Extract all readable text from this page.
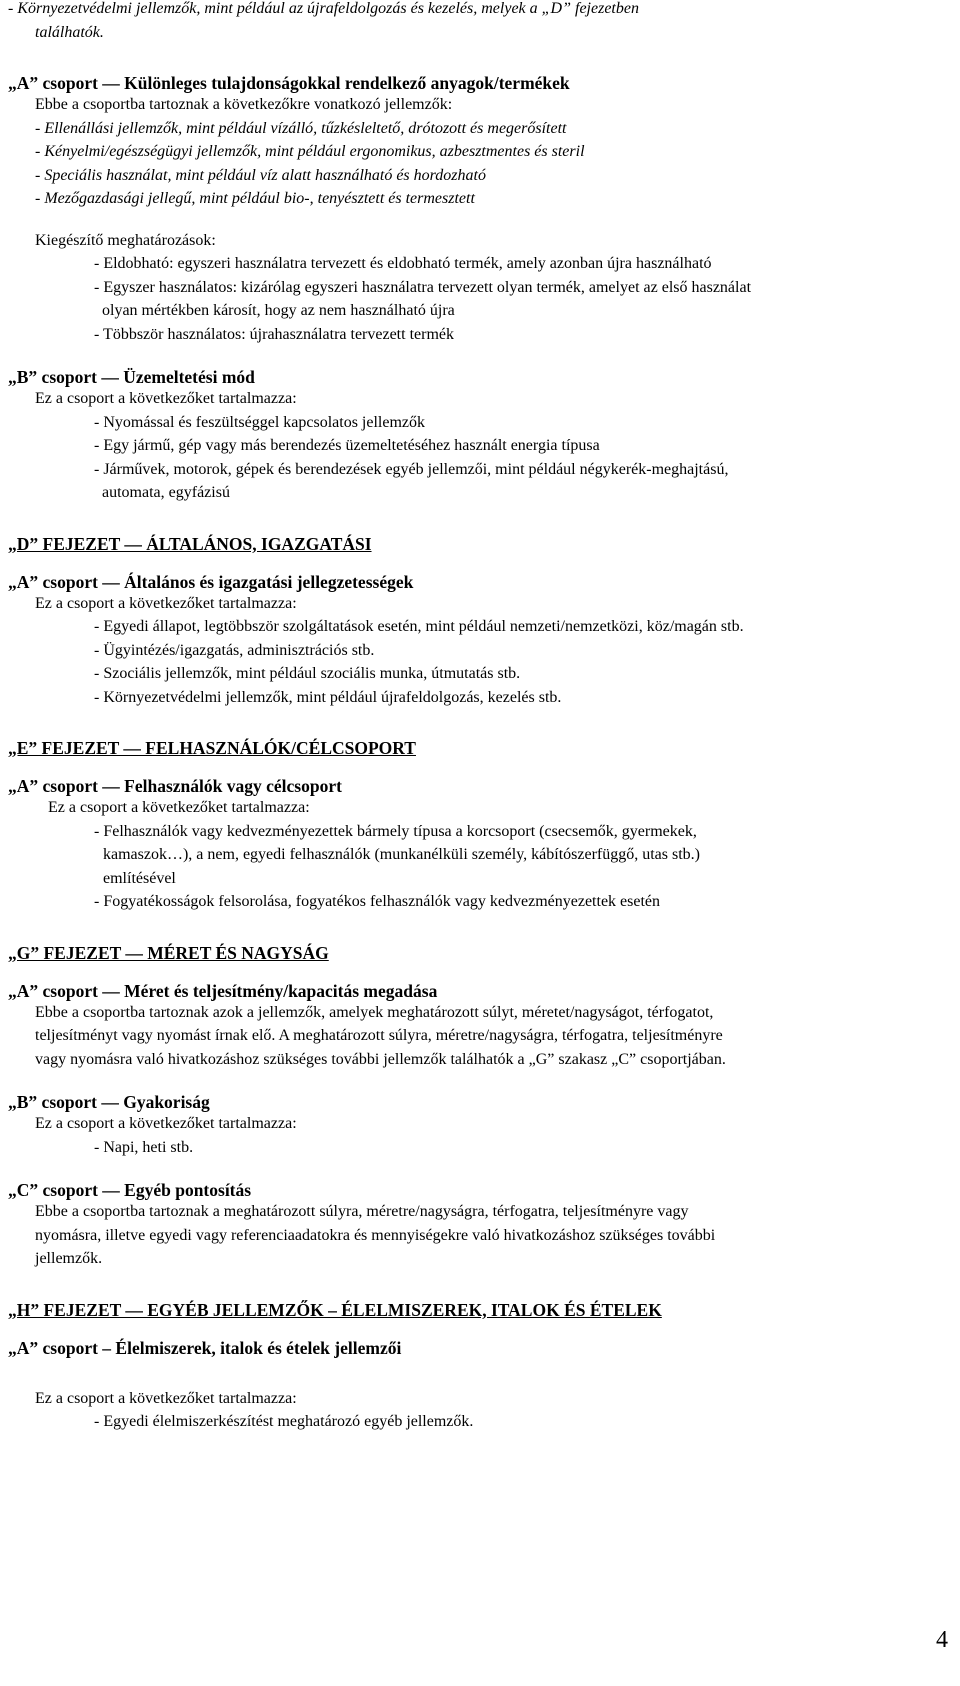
- Környezetvédelmi jellemzők, mint például az újrafeldolgozás és kezelés, melyek a „D” fejezetben
találhatók.
„A” csoport — Különleges tulajdonságokkal rendelkező anyagok/termékek
Ebbe a csoportba tartoznak a következőkre vonatkozó jellemzők:
- Ellenállási jellemzők, mint például vízálló, tűzkésleltető, drótozott és megerősített
- Kényelmi/egészségügyi jellemzők, mint például ergonomikus, azbesztmentes és steril
- Speciális használat, mint például víz alatt használható és hordozható
- Mezőgazdasági jellegű, mint például bio-, tenyésztett és termesztett
Kiegészítő meghatározások:
- Eldobható: egyszeri használatra tervezett és eldobható termék, amely azonban újra használható
- Egyszer használatos: kizárólag egyszeri használatra tervezett olyan termék, amelyet az első használat
olyan mértékben károsít, hogy az nem használható újra
- Többször használatos: újrahasználatra tervezett termék
„B” csoport — Üzemeltetési mód
Ez a csoport a következőket tartalmazza:
- Nyomással és feszültséggel kapcsolatos jellemzők
- Egy jármű, gép vagy más berendezés üzemeltetéséhez használt energia típusa
- Járművek, motorok, gépek és berendezések egyéb jellemzői, mint például négykerék-meghajtású,
automata, egyfázisú
„D” FEJEZET — ÁLTALÁNOS, IGAZGATÁSI
„A” csoport — Általános és igazgatási jellegzetességek
Ez a csoport a következőket tartalmazza:
- Egyedi állapot, legtöbbször szolgáltatások esetén, mint például nemzeti/nemzetközi, köz/magán stb.
- Ügyintézés/igazgatás, adminisztrációs stb.
- Szociális jellemzők, mint például szociális munka, útmutatás stb.
- Környezetvédelmi jellemzők, mint például újrafeldolgozás, kezelés stb.
„E” FEJEZET — FELHASZNÁLÓK/CÉLCSOPORT
„A” csoport — Felhasználók vagy célcsoport
Ez a csoport a következőket tartalmazza:
- Felhasználók vagy kedvezményezettek bármely típusa a korcsoport (csecsemők, gyermekek,
kamaszok…), a nem, egyedi felhasználók (munkanélküli személy, kábítószerfüggő, utas stb.)
említésével
- Fogyatékosságok felsorolása, fogyatékos felhasználók vagy kedvezményezettek esetén
„G” FEJEZET — MÉRET ÉS NAGYSÁG
„A” csoport — Méret és teljesítmény/kapacitás megadása
Ebbe a csoportba tartoznak azok a jellemzők, amelyek meghatározott súlyt, méretet/nagyságot, térfogatot,
teljesítményt vagy nyomást írnak elő. A meghatározott súlyra, méretre/nagyságra, térfogatra, teljesítményre
vagy nyomásra való hivatkozáshoz szükséges további jellemzők találhatók a „G” szakasz „C” csoportjában.
„B” csoport — Gyakoriság
Ez a csoport a következőket tartalmazza:
- Napi, heti stb.
„C” csoport — Egyéb pontosítás
Ebbe a csoportba tartoznak a meghatározott súlyra, méretre/nagyságra, térfogatra, teljesítményre vagy
nyomásra, illetve egyedi vagy referenciaadatokra és mennyiségekre való hivatkozáshoz szükséges további
jellemzők.
„H” FEJEZET — EGYÉB JELLEMZŐK – ÉLELMISZEREK, ITALOK ÉS ÉTELEK
„A” csoport – Élelmiszerek, italok és ételek jellemzői
Ez a csoport a következőket tartalmazza:
- Egyedi élelmiszerkészítést meghatározó egyéb jellemzők.
4
